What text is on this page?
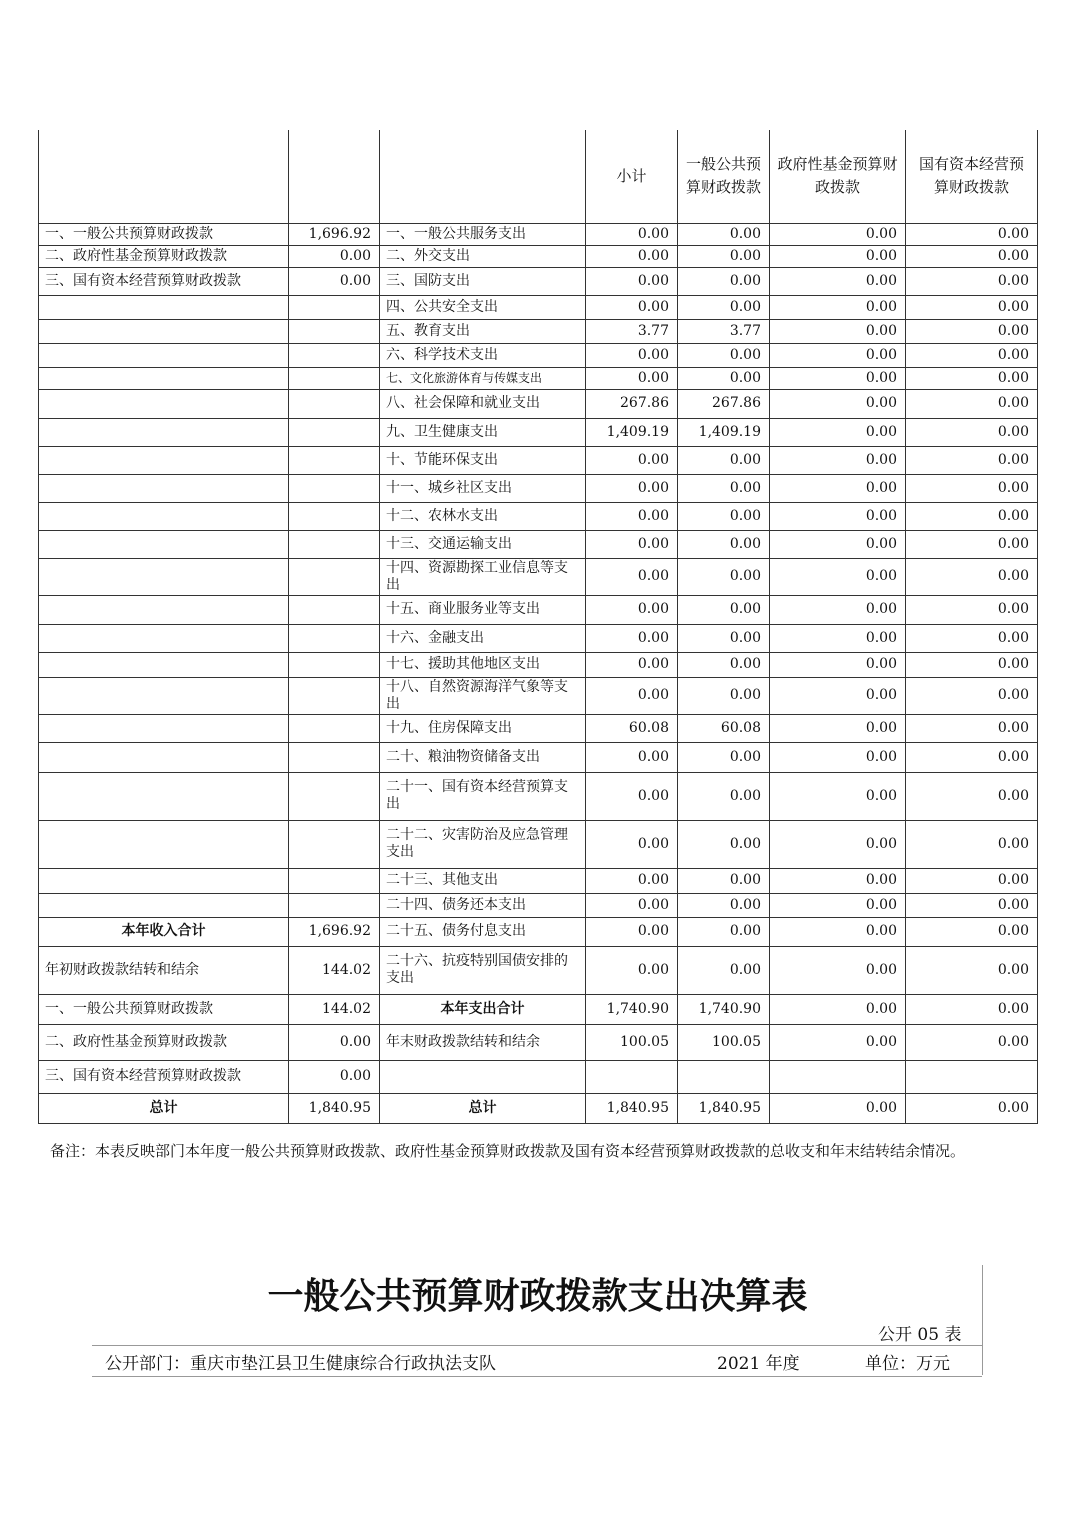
			小计	一般公共预算财政拨款	政府性基金预算财政拨款	国有资本经营预算财政拨款
一、一般公共预算财政拨款	1,696.92	一、一般公共服务支出	0.00	0.00	0.00	0.00
二、政府性基金预算财政拨款	0.00	二、外交支出	0.00	0.00	0.00	0.00
三、国有资本经营预算财政拨款	0.00	三、国防支出	0.00	0.00	0.00	0.00
		四、公共安全支出	0.00	0.00	0.00	0.00
		五、教育支出	3.77	3.77	0.00	0.00
		六、科学技术支出	0.00	0.00	0.00	0.00
		七、文化旅游体育与传媒支出	0.00	0.00	0.00	0.00
		八、社会保障和就业支出	267.86	267.86	0.00	0.00
		九、卫生健康支出	1,409.19	1,409.19	0.00	0.00
		十、节能环保支出	0.00	0.00	0.00	0.00
		十一、城乡社区支出	0.00	0.00	0.00	0.00
		十二、农林水支出	0.00	0.00	0.00	0.00
		十三、交通运输支出	0.00	0.00	0.00	0.00
		十四、资源勘探工业信息等支出	0.00	0.00	0.00	0.00
		十五、商业服务业等支出	0.00	0.00	0.00	0.00
		十六、金融支出	0.00	0.00	0.00	0.00
		十七、援助其他地区支出	0.00	0.00	0.00	0.00
		十八、自然资源海洋气象等支出	0.00	0.00	0.00	0.00
		十九、住房保障支出	60.08	60.08	0.00	0.00
		二十、粮油物资储备支出	0.00	0.00	0.00	0.00
		二十一、国有资本经营预算支出	0.00	0.00	0.00	0.00
		二十二、灾害防治及应急管理支出	0.00	0.00	0.00	0.00
		二十三、其他支出	0.00	0.00	0.00	0.00
		二十四、债务还本支出	0.00	0.00	0.00	0.00
本年收入合计	1,696.92	二十五、债务付息支出	0.00	0.00	0.00	0.00
年初财政拨款结转和结余	144.02	二十六、抗疫特别国债安排的支出	0.00	0.00	0.00	0.00
一、一般公共预算财政拨款	144.02	本年支出合计	1,740.90	1,740.90	0.00	0.00
二、政府性基金预算财政拨款	0.00	年末财政拨款结转和结余	100.05	100.05	0.00	0.00
三、国有资本经营预算财政拨款	0.00					
总计	1,840.95	总计	1,840.95	1,840.95	0.00	0.00
备注：本表反映部门本年度一般公共预算财政拨款、政府性基金预算财政拨款及国有资本经营预算财政拨款的总收支和年末结转结余情况。
一般公共预算财政拨款支出决算表
公开 05 表
公开部门：重庆市垫江县卫生健康综合行政执法支队	2021 年度	单位：万元
